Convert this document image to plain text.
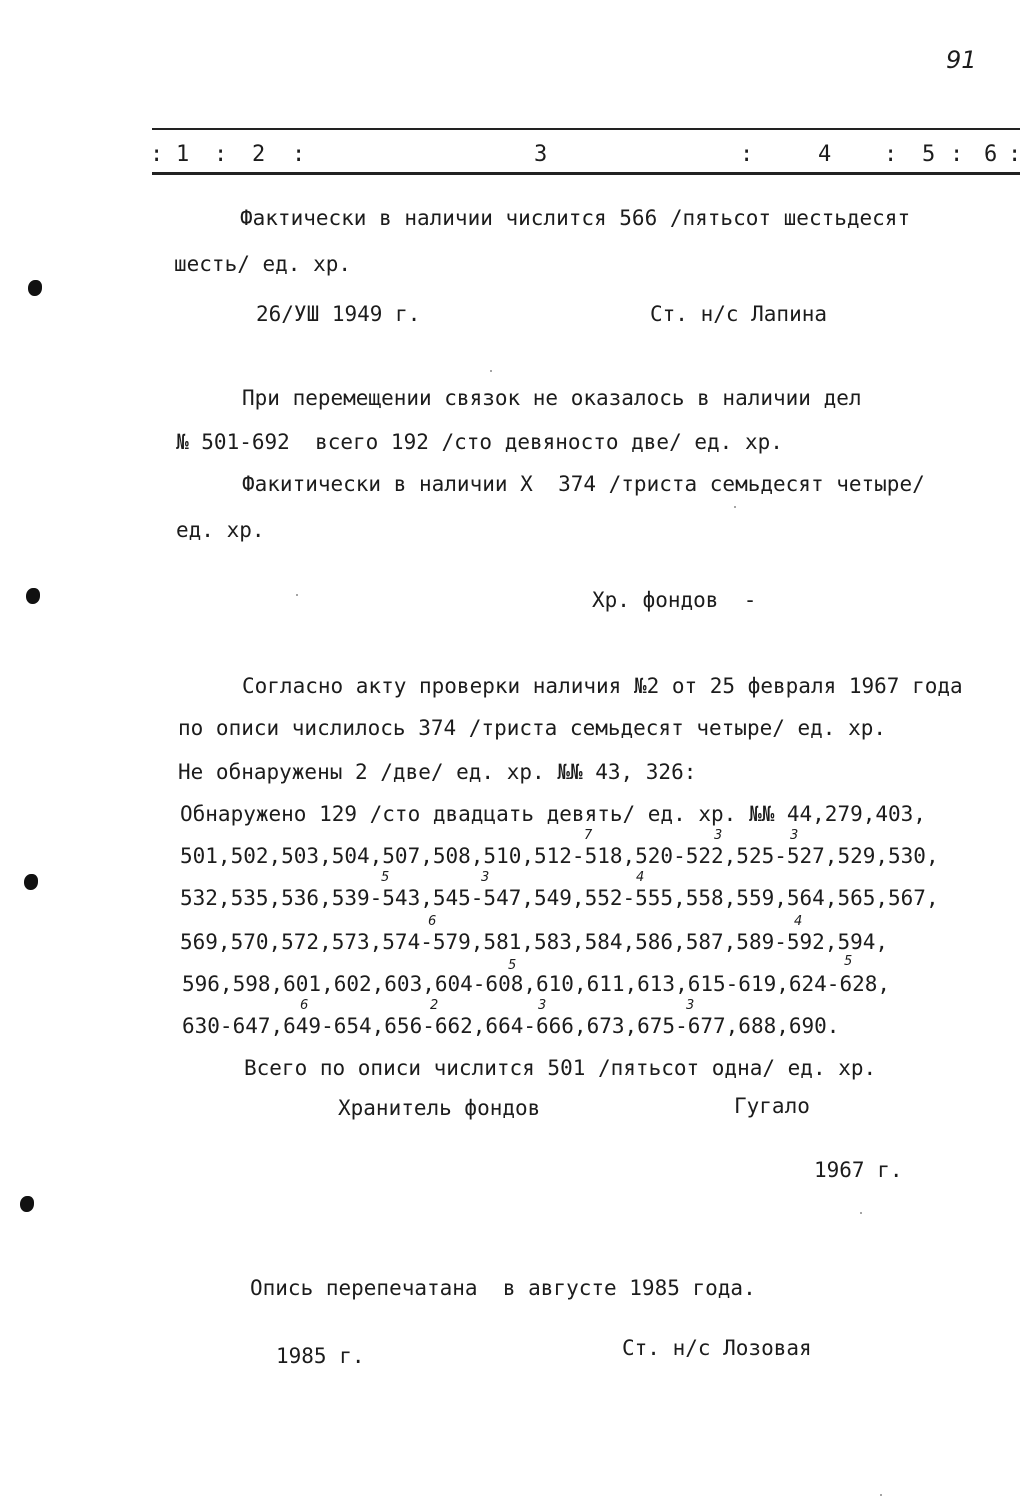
91
: 1 : 2 :	3	:	4 : 5 : 6 :
Фактически в наличии числится 566 /пятьсот шестьдесят
шесть/ ед. хр.
26/УШ 1949 г.	Ст. н/с Лапина
При перемещении связок не оказалось в наличии дел
№ 501-692  всего 192 /сто девяносто две/ ед. хр.
Факитически в наличии Х  374 /триста семьдесят четыре/
ед. хр.
Хр. фондов  -
Согласно акту проверки наличия №2 от 25 февраля 1967 года
по описи числилось 374 /триста семьдесят четыре/ ед. хр.
Не обнаружены 2 /две/ ед. хр. №№ 43, 326:
Обнаружено 129 /сто двадцать девять/ ед. хр. №№ 44,279,403,
501,502,503,504,507,508,510,512-518,520-522,525-527,529,530,
532,535,536,539-543,545-547,549,552-555,558,559,564,565,567,
569,570,572,573,574-579,581,583,584,586,587,589-592,594,
596,598,601,602,603,604-608,610,611,613,615-619,624-628,
630-647,649-654,656-662,664-666,673,675-677,688,690.
Всего по описи числится 501 /пятьсот одна/ ед. хр.
Хранитель фондов	Гугало
1967 г.
Опись перепечатана  в августе 1985 года.
1985 г.	Ст. н/с Лозовая
7	3	3
5	3	4
6	4
5	5
6	2	3	3
